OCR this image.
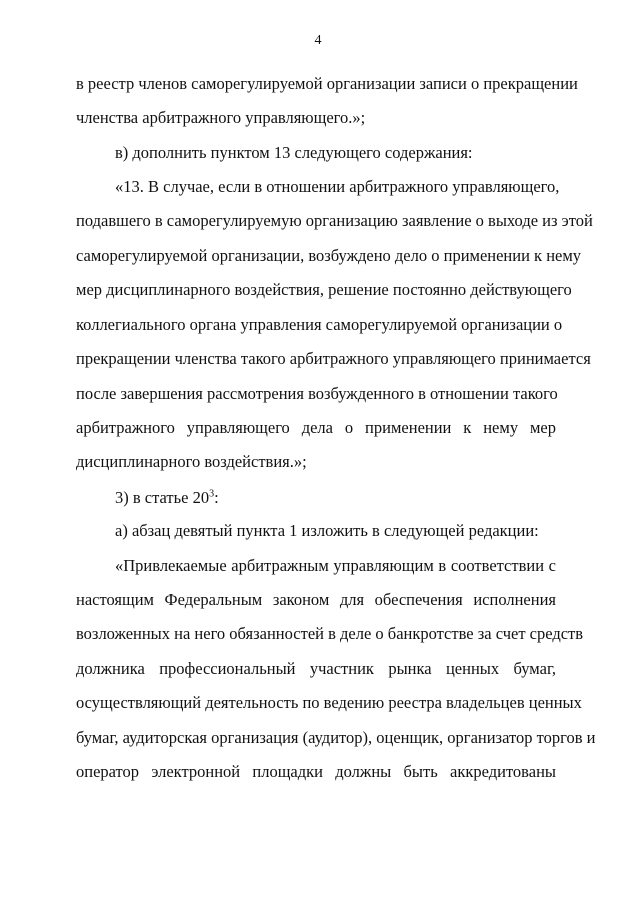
4
в реестр членов саморегулируемой организации записи о прекращении
членства арбитражного управляющего.»;
в) дополнить пунктом 13 следующего содержания:
«13. В случае, если в отношении арбитражного управляющего,
подавшего в саморегулируемую организацию заявление о выходе из этой
саморегулируемой организации, возбуждено дело о применении к нему
мер дисциплинарного воздействия, решение постоянно действующего
коллегиального органа управления саморегулируемой организации о
прекращении членства такого арбитражного управляющего принимается
после завершения рассмотрения возбужденного в отношении такого
арбитражного управляющего дела о применении к нему мер
дисциплинарного воздействия.»;
3) в статье $20^3$:
а) абзац девятый пункта 1 изложить в следующей редакции:
«Привлекаемые арбитражным управляющим в соответствии с
настоящим Федеральным законом для обеспечения исполнения
возложенных на него обязанностей в деле о банкротстве за счет средств
должника профессиональный участник рынка ценных бумаг,
осуществляющий деятельность по ведению реестра владельцев ценных
бумаг, аудиторская организация (аудитор), оценщик, организатор торгов и
оператор электронной площадки должны быть аккредитованы
